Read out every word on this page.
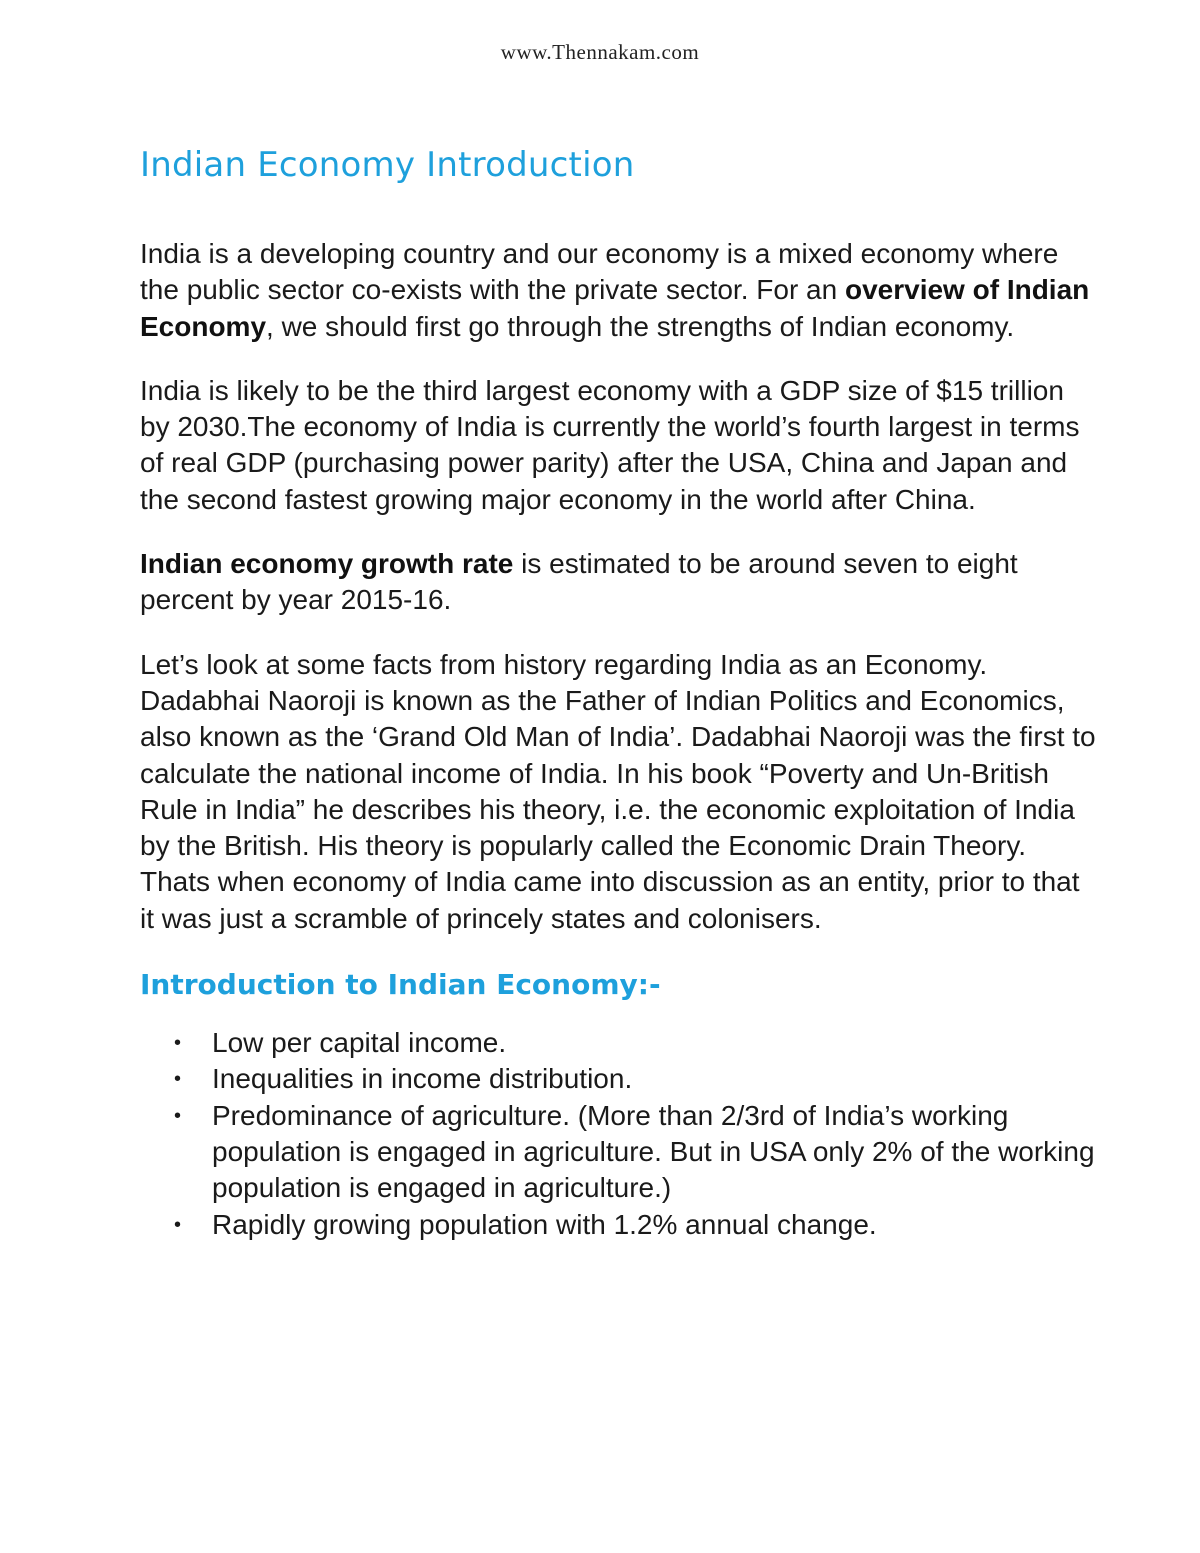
www.Thennakam.com
Indian Economy Introduction

India is a developing country and our economy is a mixed economy where the public sector co-exists with the private sector. For an overview of Indian Economy, we should first go through the strengths of Indian economy.

India is likely to be the third largest economy with a GDP size of $15 trillion by 2030.The economy of India is currently the world’s fourth largest in terms of real GDP (purchasing power parity) after the USA, China and Japan and the second fastest growing major economy in the world after China.

Indian economy growth rate is estimated to be around seven to eight percent by year 2015-16.

Let’s look at some facts from history regarding India as an Economy. Dadabhai Naoroji is known as the Father of Indian Politics and Economics, also known as the ‘Grand Old Man of India’. Dadabhai Naoroji was the first to calculate the national income of India. In his book “Poverty and Un-British Rule in India” he describes his theory, i.e. the economic exploitation of India by the British. His theory is popularly called the Economic Drain Theory. Thats when economy of India came into discussion as an entity, prior to that it was just a scramble of princely states and colonisers.

Introduction to Indian Economy:-
• Low per capital income.
• Inequalities in income distribution.
• Predominance of agriculture. (More than 2/3rd of India’s working population is engaged in agriculture. But in USA only 2% of the working population is engaged in agriculture.)
• Rapidly growing population with 1.2% annual change.
